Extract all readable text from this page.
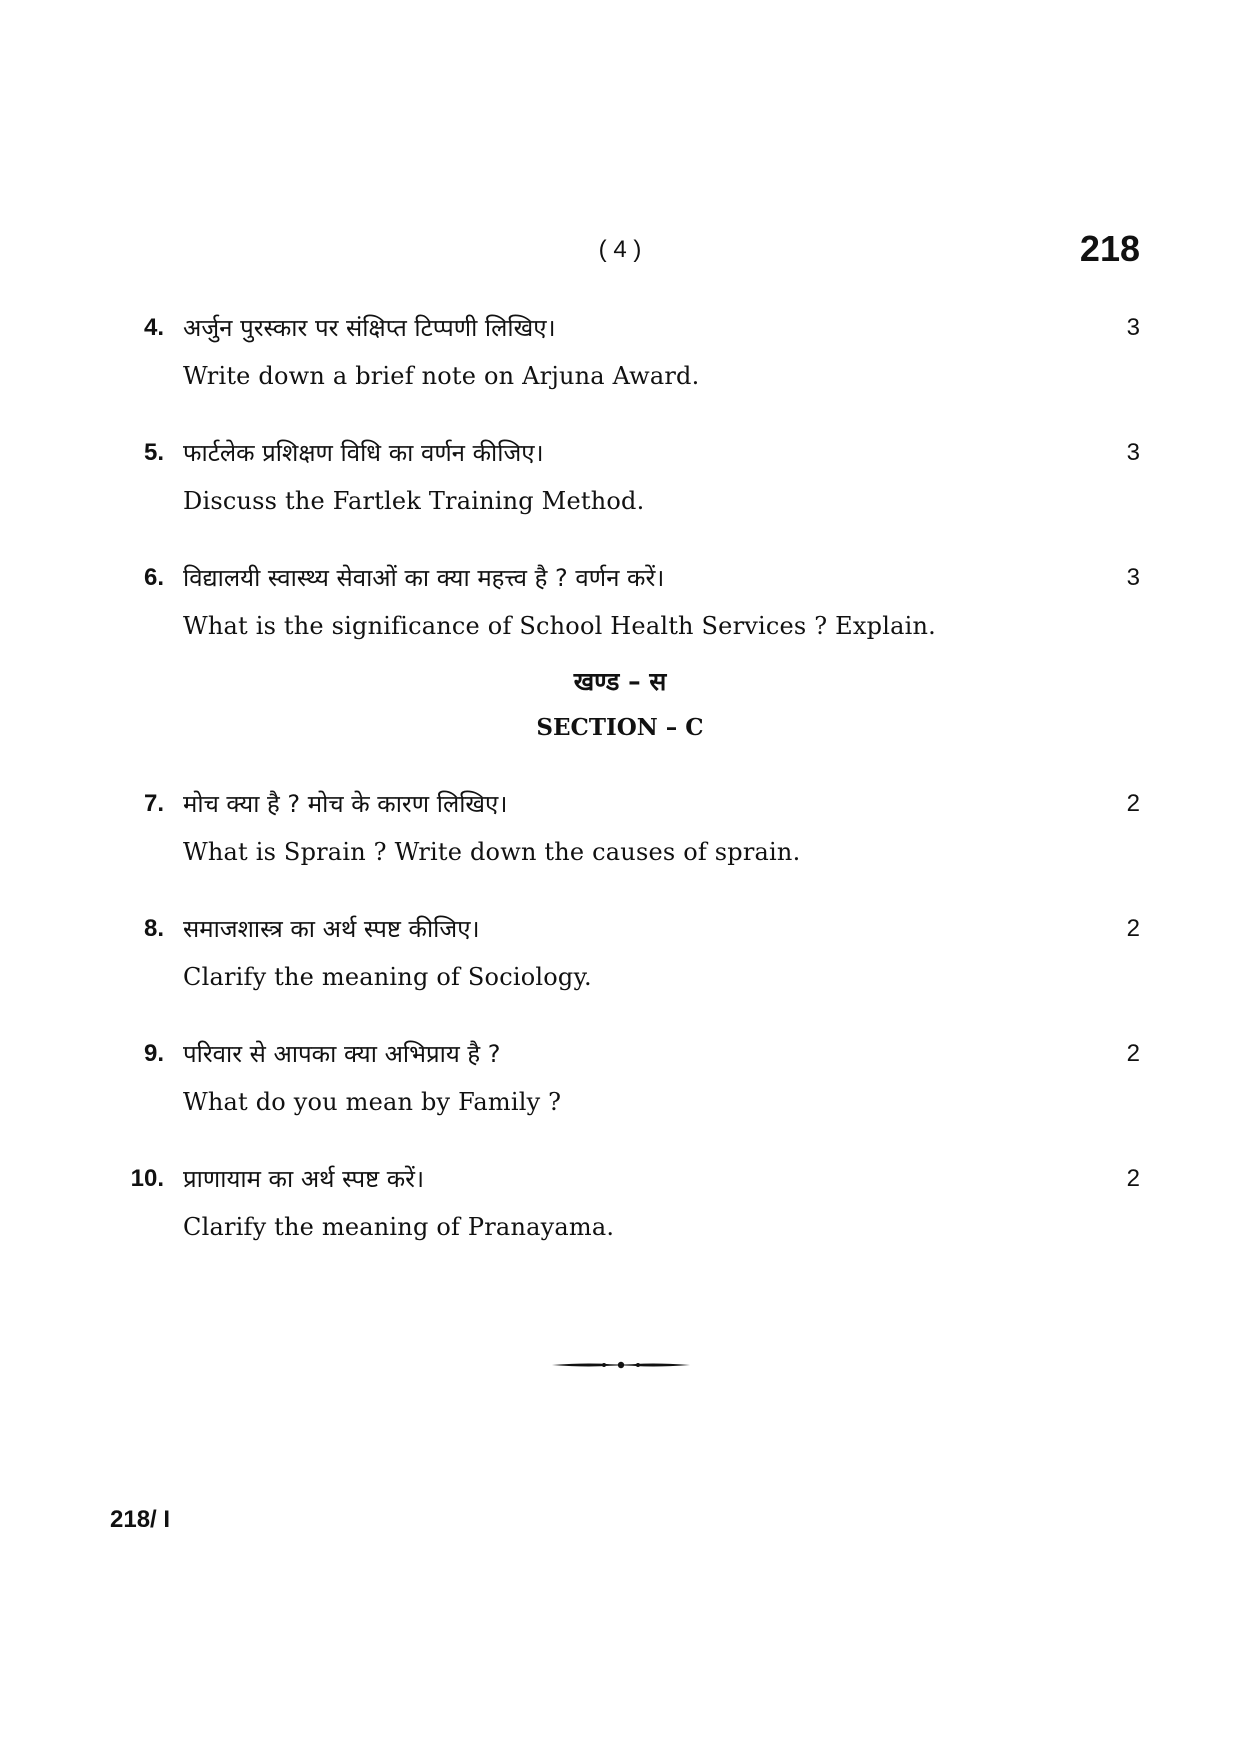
( 4 )	218
4. अर्जुन पुरस्कार पर संक्षिप्त टिप्पणी लिखिए।
Write down a brief note on Arjuna Award.
3
5. फार्टलेक प्रशिक्षण विधि का वर्णन कीजिए।
Discuss the Fartlek Training Method.
3
6. विद्यालयी स्वास्थ्य सेवाओं का क्या महत्त्व है ? वर्णन करें।
What is the significance of School Health Services ? Explain.
3
खण्ड – स
SECTION – C
7. मोच क्या है ? मोच के कारण लिखिए।
What is Sprain ? Write down the causes of sprain.
2
8. समाजशास्त्र का अर्थ स्पष्ट कीजिए।
Clarify the meaning of Sociology.
2
9. परिवार से आपका क्या अभिप्राय है ?
What do you mean by Family ?
2
10. प्राणायाम का अर्थ स्पष्ट करें।
Clarify the meaning of Pranayama.
2
218/ I
